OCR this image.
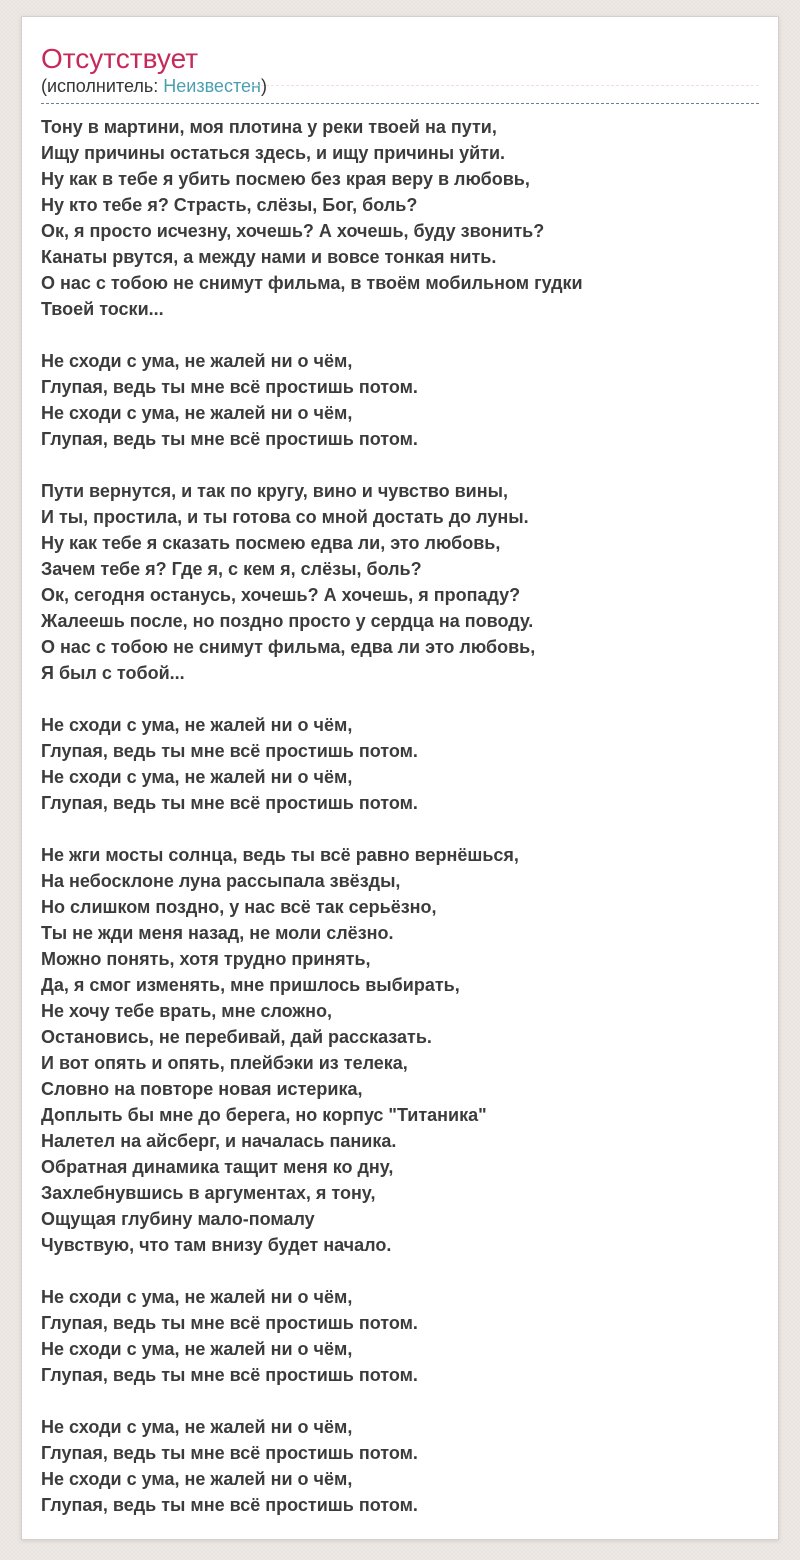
Отсутствует
(исполнитель: Неизвестен)
Тону в мартини, моя плотина у реки твоей на пути,
Ищу причины остаться здесь, и ищу причины уйти.
Ну как в тебе я убить посмею без края веру в любовь,
Ну кто тебе я? Страсть, слёзы, Бог, боль?
Ок, я просто исчезну, хочешь? А хочешь, буду звонить?
Канаты рвутся, а между нами и вовсе тонкая нить.
О нас с тобою не снимут фильма, в твоём мобильном гудки
Твоей тоски...
Не сходи с ума, не жалей ни о чём,
Глупая, ведь ты мне всё простишь потом.
Не сходи с ума, не жалей ни о чём,
Глупая, ведь ты мне всё простишь потом.
Пути вернутся, и так по кругу, вино и чувство вины,
И ты, простила, и ты готова со мной достать до луны.
Ну как тебе я сказать посмею едва ли, это любовь,
Зачем тебе я? Где я, с кем я, слёзы, боль?
Ок, сегодня останусь, хочешь? А хочешь, я пропаду?
Жалеешь после, но поздно просто у сердца на поводу.
О нас с тобою не снимут фильма, едва ли это любовь,
Я был с тобой...
Не сходи с ума, не жалей ни о чём,
Глупая, ведь ты мне всё простишь потом.
Не сходи с ума, не жалей ни о чём,
Глупая, ведь ты мне всё простишь потом.
Не жги мосты солнца, ведь ты всё равно вернёшься,
На небосклоне луна рассыпала звёзды,
Но слишком поздно, у нас всё так серьёзно,
Ты не жди меня назад, не моли слёзно.
Можно понять, хотя трудно принять,
Да, я смог изменять, мне пришлось выбирать,
Не хочу тебе врать, мне сложно,
Остановись, не перебивай, дай рассказать.
И вот опять и опять, плейбэки из телека,
Словно на повторе новая истерика,
Доплыть бы мне до берега, но корпус "Титаника"
Налетел на айсберг, и началась паника.
Обратная динамика тащит меня ко дну,
Захлебнувшись в аргументах, я тону,
Ощущая глубину мало-помалу
Чувствую, что там внизу будет начало.
Не сходи с ума, не жалей ни о чём,
Глупая, ведь ты мне всё простишь потом.
Не сходи с ума, не жалей ни о чём,
Глупая, ведь ты мне всё простишь потом.
Не сходи с ума, не жалей ни о чём,
Глупая, ведь ты мне всё простишь потом.
Не сходи с ума, не жалей ни о чём,
Глупая, ведь ты мне всё простишь потом.
